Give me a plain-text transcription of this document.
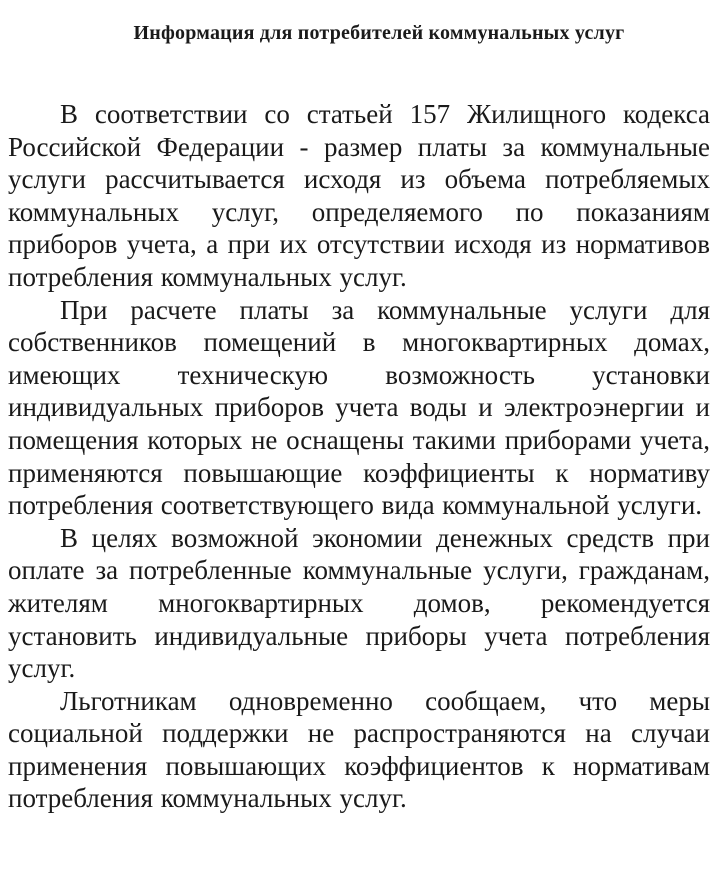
Информация для потребителей коммунальных услуг

В соответствии со статьей 157 Жилищного кодекса Российской Федерации - размер платы за коммунальные услуги рассчитывается исходя из объема потребляемых коммунальных услуг, определяемого по показаниям приборов учета, а при их отсутствии исходя из нормативов потребления коммунальных услуг.

При расчете платы за коммунальные услуги для собственников помещений в многоквартирных домах, имеющих техническую возможность установки индивидуальных приборов учета воды и электроэнергии и помещения которых не оснащены такими приборами учета, применяются повышающие коэффициенты к нормативу потребления соответствующего вида коммунальной услуги.

В целях возможной экономии денежных средств при оплате за потребленные коммунальные услуги, гражданам, жителям многоквартирных домов, рекомендуется установить индивидуальные приборы учета потребления услуг.

Льготникам одновременно сообщаем, что меры социальной поддержки не распространяются на случаи применения повышающих коэффициентов к нормативам потребления коммунальных услуг.
